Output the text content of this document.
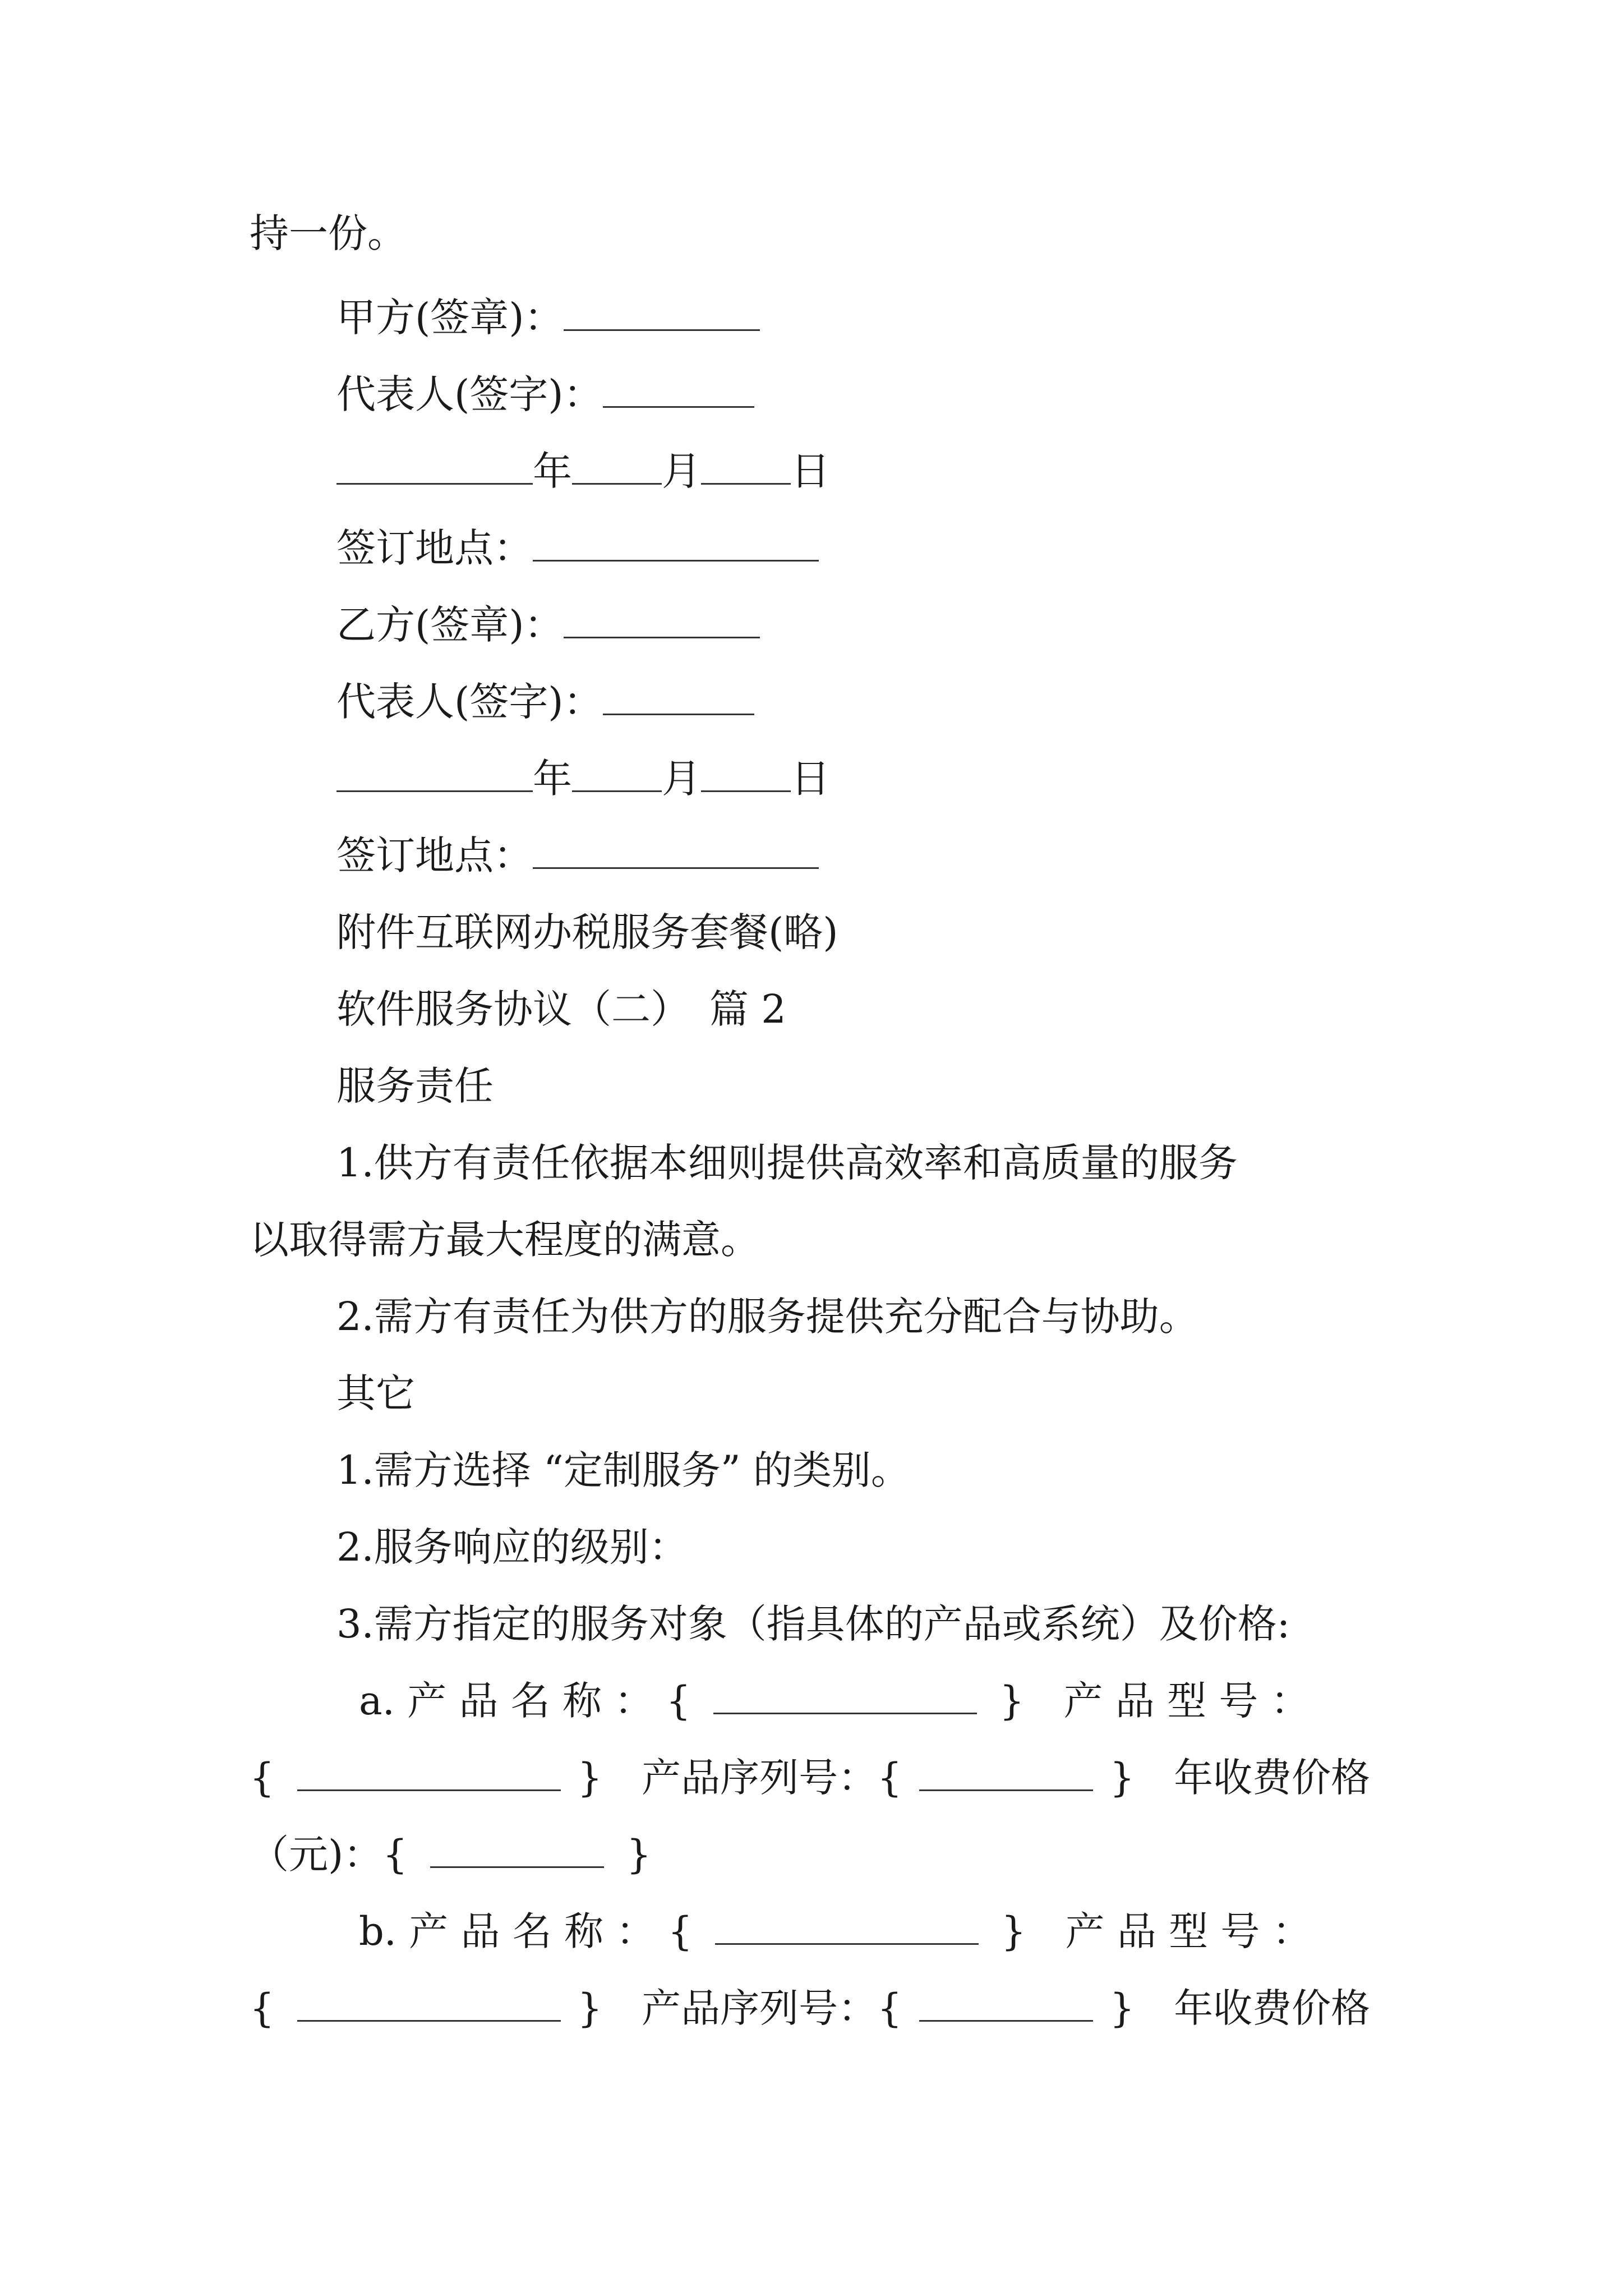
持一份。
甲方(签章)：
代表人(签字)：
年 月 日
签订地点：
乙方(签章)：
代表人(签字)：
年 月 日
签订地点：
附件互联网办税服务套餐(略)
软件服务协议（二）　篇 2
服务责任
1.供方有责任依据本细则提供高效率和高质量的服务
以取得需方最大程度的满意。
2.需方有责任为供方的服务提供充分配合与协助。
其它
1.需方选择 “定制服务” 的类别。
2.服务响应的级别：
3.需方指定的服务对象（指具体的产品或系统）及价格:
a. 产 品 名 称 ： {	}　产 品 型 号 ：
{	}　产品序列号：{	}　年收费价格
（元)：{	}
b. 产 品 名 称 ： {	}　产 品 型 号 ：
{	}　产品序列号：{	}　年收费价格
